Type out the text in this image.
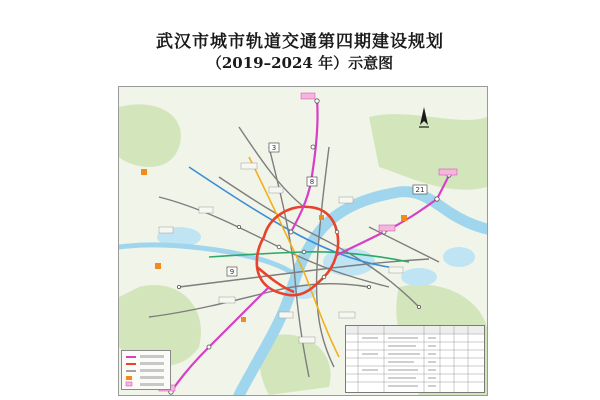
武汉市城市轨道交通第四期建设规划
（2019–2024 年）示意图
3
8
9
21
